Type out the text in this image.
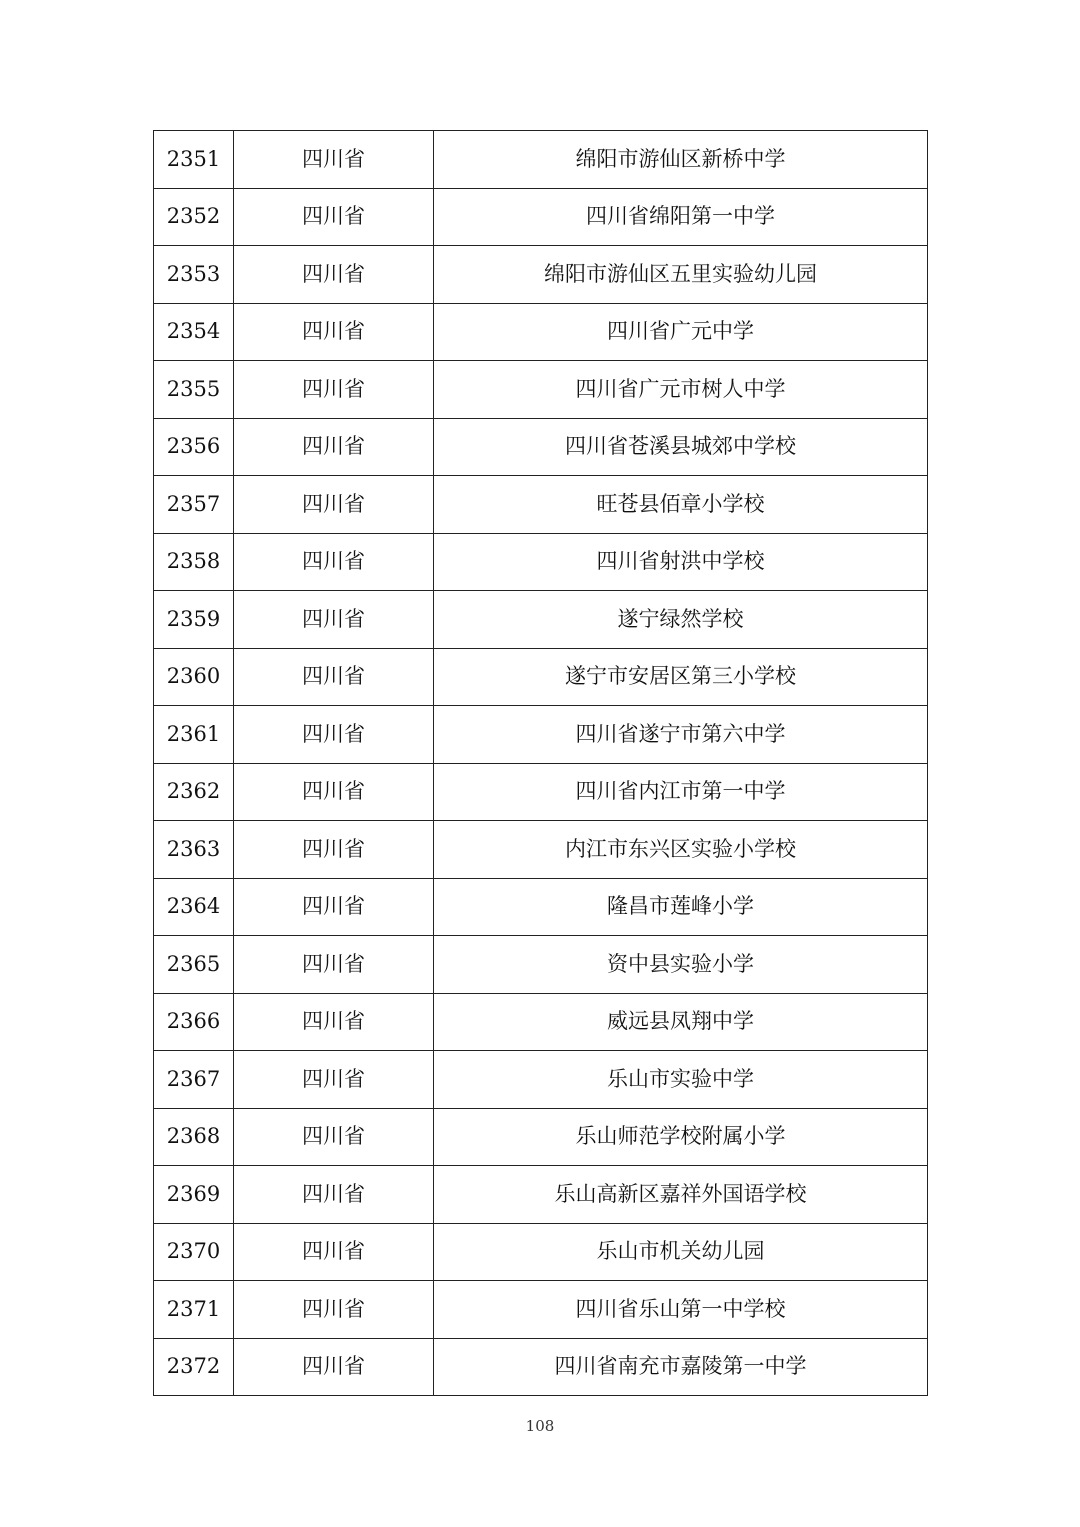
2351	四川省	绵阳市游仙区新桥中学
2352	四川省	四川省绵阳第一中学
2353	四川省	绵阳市游仙区五里实验幼儿园
2354	四川省	四川省广元中学
2355	四川省	四川省广元市树人中学
2356	四川省	四川省苍溪县城郊中学校
2357	四川省	旺苍县佰章小学校
2358	四川省	四川省射洪中学校
2359	四川省	遂宁绿然学校
2360	四川省	遂宁市安居区第三小学校
2361	四川省	四川省遂宁市第六中学
2362	四川省	四川省内江市第一中学
2363	四川省	内江市东兴区实验小学校
2364	四川省	隆昌市莲峰小学
2365	四川省	资中县实验小学
2366	四川省	威远县凤翔中学
2367	四川省	乐山市实验中学
2368	四川省	乐山师范学校附属小学
2369	四川省	乐山高新区嘉祥外国语学校
2370	四川省	乐山市机关幼儿园
2371	四川省	四川省乐山第一中学校
2372	四川省	四川省南充市嘉陵第一中学
108
